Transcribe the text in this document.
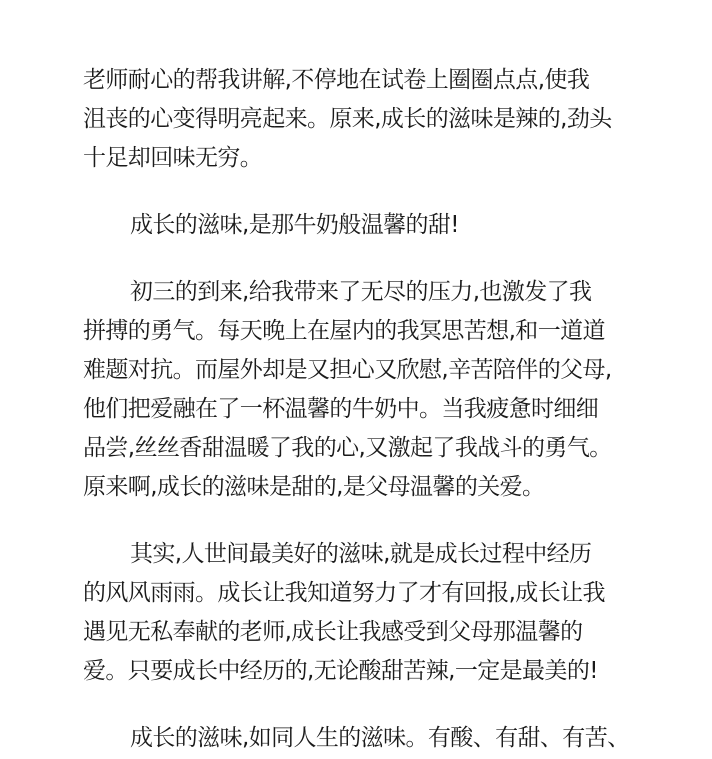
老师耐心的帮我讲解,不停地在试卷上圈圈点点,使我
沮丧的心变得明亮起来。原来,成长的滋味是辣的,劲头
十足却回味无穷。
成长的滋味,是那牛奶般温馨的甜!
初三的到来,给我带来了无尽的压力,也激发了我
拼搏的勇气。每天晚上在屋内的我冥思苦想,和一道道
难题对抗。而屋外却是又担心又欣慰,辛苦陪伴的父母,
他们把爱融在了一杯温馨的牛奶中。当我疲惫时细细
品尝,丝丝香甜温暖了我的心,又激起了我战斗的勇气。
原来啊,成长的滋味是甜的,是父母温馨的关爱。
其实,人世间最美好的滋味,就是成长过程中经历
的风风雨雨。成长让我知道努力了才有回报,成长让我
遇见无私奉献的老师,成长让我感受到父母那温馨的
爱。只要成长中经历的,无论酸甜苦辣,一定是最美的!
成长的滋味,如同人生的滋味。有酸、有甜、有苦、
